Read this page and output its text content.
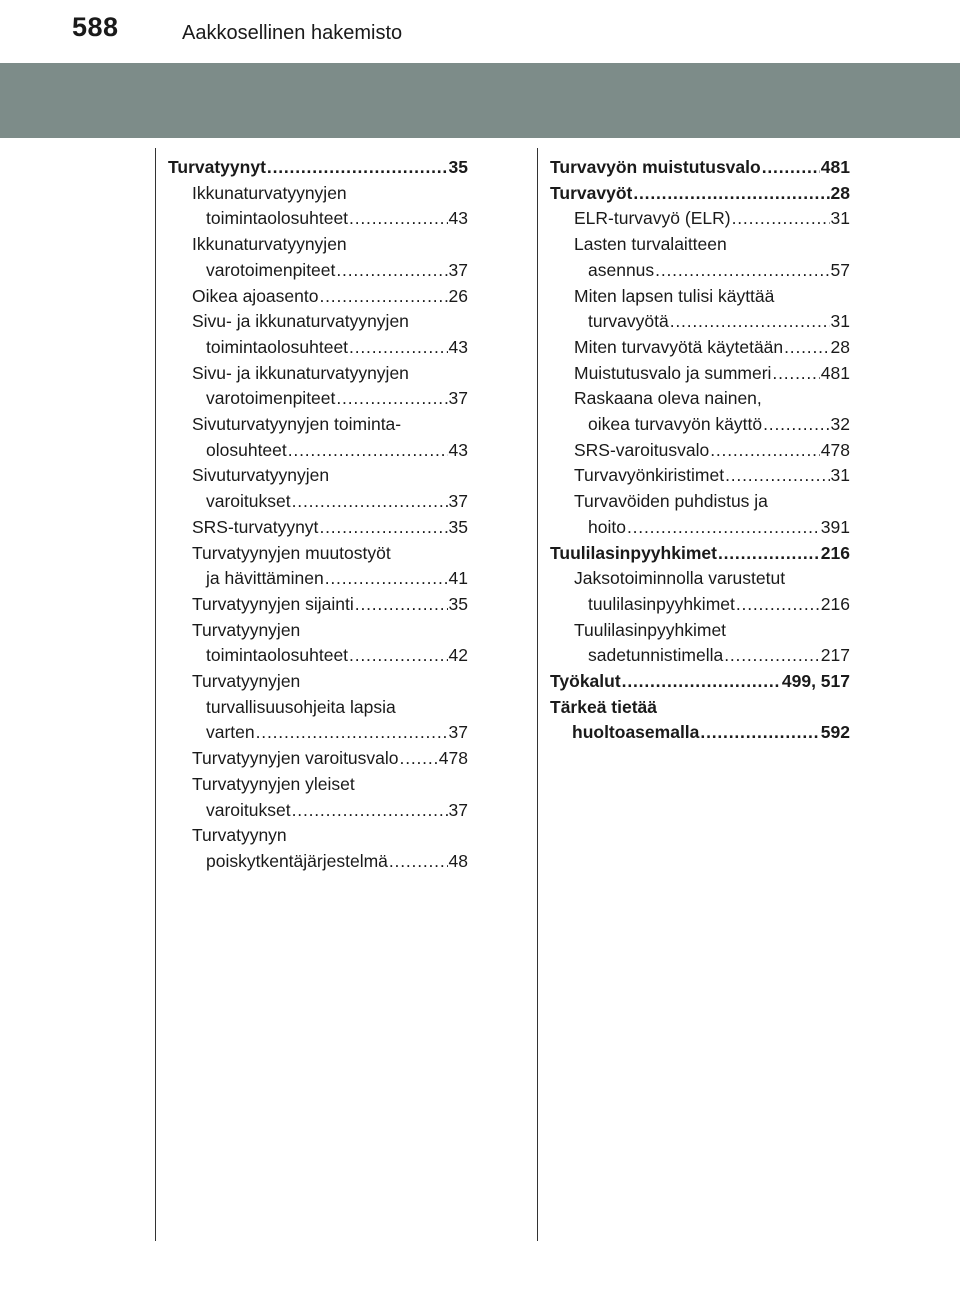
588	Aakkosellinen hakemisto
Turvatyynyt .....	35
Ikkunaturvatyynyjen
toimintaolosuhteet .....	43
Ikkunaturvatyynyjen
varotoimenpiteet .....	37
Oikea ajoasento .....	26
Sivu- ja ikkunaturvatyynyjen
toimintaolosuhteet .....	43
Sivu- ja ikkunaturvatyynyjen
varotoimenpiteet .....	37
Sivuturvatyynyjen toiminta-
olosuhteet .....	43
Sivuturvatyynyjen
varoitukset .....	37
SRS-turvatyynyt .....	35
Turvatyynyjen muutostyöt
ja hävittäminen .....	41
Turvatyynyjen sijainti .....	35
Turvatyynyjen
toimintaolosuhteet .....	42
Turvatyynyjen
turvallisuusohjeita lapsia
varten .....	37
Turvatyynyjen varoitusvalo ..... 478
Turvatyynyjen yleiset
varoitukset .....	37
Turvatyynyn
poiskytkentäjärjestelmä .....	48
Turvavyön muistutusvalo .....	481
Turvavyöt .....	28
ELR-turvavyö (ELR) .....	31
Lasten turvalaitteen
asennus .....	57
Miten lapsen tulisi käyttää
turvavyötä .....	31
Miten turvavyötä käytetään .....	28
Muistutusvalo ja summeri .....	481
Raskaana oleva nainen,
oikea turvavyön käyttö .....	32
SRS-varoitusvalo .....	478
Turvavyönkiristimet .....	31
Turvavöiden puhdistus ja
hoito .....	391
Tuulilasinpyyhkimet .....	216
Jaksotoiminnolla varustetut
tuulilasinpyyhkimet .....	216
Tuulilasinpyyhkimet
sadetunnistimella .....	217
Työkalut .....	499, 517
Tärkeä tietää
huoltoasemalla .....	592
